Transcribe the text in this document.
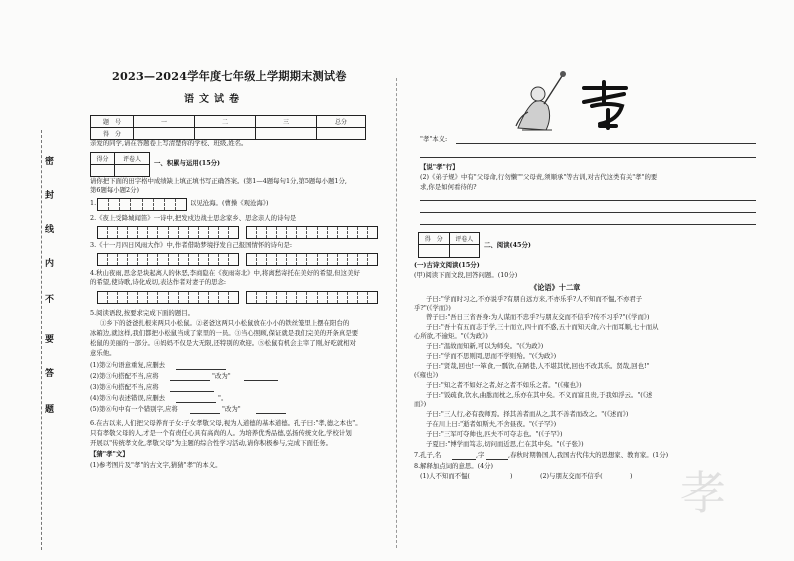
2023—2024学年度七年级上学期期末测试卷
语文试卷
题　号	一	二	三	总分
得　分				
密
封
线
内
不
要
答
题
亲爱的同学,请在答题卷上写清楚你的学校、班级,姓名。
得分	评卷人
	一、积累与运用(15分)
请你把下面的田字格中成绩缺上填正填书写正确答案。(第1—4题每句1分,第5题每小题1分,
第6题每小题2分)
1.	以见沧海。(曹操《观沧海》)
2.《夜上受降城闻笛》一诗中,把发戍边战士思念家乡、思念亲人的诗句是
3.《十一月四日风雨大作》中,作者借助梦境抒发自己报国情怀的诗句是:
4.秋山夜雨,思念是块起离人的休恶,李商隐在《夜雨寄北》中,将离愁寄托在美好的希望,但这美好
的希望,使诗歌,诗化成切,表达作者对妻子的思念:
5.阅读语段,按要求完成下面的题目。
①乡下的爸爸扎根来两只小松鼠。②老爸这两只小松鼠放在小小的铁丝笼里上摆在阳台的
冰箱边,就这样,我们都把小松鼠当成了家里的一员。③当心照顾,保证就是我们完美的开条真是要
松鼠的美丽的一部分。④妈妈不仅是大无限,还特别的欢迎。⑤松鼠有机会主宰了刚,好吃就相对
意乐他。
(1)第②句语意重复,应删去
(2)第③句搭配不当,应将	"改为"
(3)第④句搭配不当,应将
(4)第⑤句表述错误,应删去	"。
(5)第⑥句中有一个错别字,应将	"改为"
6.在古以来,人们把父母养育子女:子女孝敬父母,视为人道德的基本道德。孔子曰:"孝,德之本也"。
只有孝敬父母的人,才是一个有责任心具有高尚的人。为培养优秀品德,弘扬传统文化,学校计划
开展以"传统孝文化,孝敬父母"为主题的综合性学习活动,请你积极参与,完成下面任务。
【猜"孝"文】
(1)参考图片及"孝"的古文字,猜猜"孝"的本义。
"孝"本义:
【说"孝"行】
(2)《弟子规》中有"父母命,行勿懒""父母责,须顺承"等古训,对古代这类有关"孝"的要
求,你是如何看待的?
得　分	评卷人

二、阅读(45分)
(一)古诗文阅读(15分)
(甲)阅读下面文段,回答问题。(10分)
《论语》十二章
子曰:"学而时习之,不亦说乎?有朋自远方来,不亦乐乎?人不知而不愠,不亦君子
乎?"(《学而》)
曾子曰:"吾日三省吾身:为人谋而不忠乎?与朋友交而不信乎?传不习乎?"(《学而》)
子曰:"吾十有五而志于学,三十而立,四十而不惑,五十而知天命,六十而耳顺,七十而从
心所欲,不逾矩。"(《为政》)
子曰:"温故而知新,可以为师矣。"(《为政》)
子曰:"学而不思则罔,思而不学则殆。"(《为政》)
子曰:"贤哉,回也!一箪食,一瓢饮,在陋巷,人不堪其忧,回也不改其乐。贤哉,回也!"
(《雍也》)
子曰:"知之者不如好之者,好之者不如乐之者。"(《雍也》)
子曰:"饭疏食,饮水,曲肱而枕之,乐亦在其中矣。不义而富且贵,于我如浮云。"(《述
而》)
子曰:"三人行,必有我师焉。择其善者而从之,其不善者而改之。"(《述而》)
子在川上曰:"逝者如斯夫,不舍昼夜。"(《子罕》)
子曰:"三军可夺帅也,匹夫不可夺志也。"(《子罕》)
子夏曰:"博学而笃志,切问而近思,仁在其中矣。"(《子张》)
7.孔子,名	,字	,春秋时期鲁国人,我国古代伟大的思想家、教育家。(1分)
8.解释加点词的意思。(4分)
(1)人不知而不愠(	)	(2)与朋友交而不信乎(	) 孝
